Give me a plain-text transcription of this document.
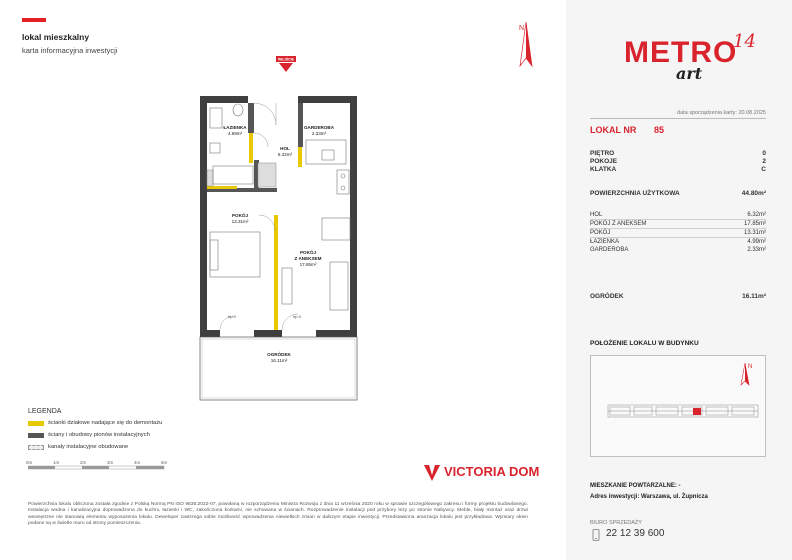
lokal mieszkalny
karta informacyjna inwestycji	METRO
14
art
data sporządzenia karty: 20.08.2025
LOKAL NR 85
PIĘTRO	0
POKOJE	2
KLATKA	C
POWIERZCHNIA UŻYTKOWA	44.80m²
HOL	6.32m²
POKÓJ Z ANEKSEM	17.85m²
POKÓJ	13.31m²
ŁAZIENKA	4.99m²
GARDEROBA	2.33m²
OGRÓDEK	16.11m²
POŁOŻENIE LOKALU W BUDYNKU
N
MIESZKANIE POWTARZALNE: -
Adres inwestycji: Warszawa, ul. Żupnicza
BIURO SPRZEDAŻY
22 12 39 600
N
WEJŚCIE
ŁAZIENKA
4.99m²
GARDEROBA
2.33m²
HOL
6.32m²
POKÓJ
13.31m²
POKÓJ
Z ANEKSEM
17.85m²
OGRÓDEK
16.11m²
hp 0	hp 0
LEGENDA
ścianki działowe nadające się do demontażu
ściany i obudowy pionów instalacyjnych
kanały instalacyjne obudowane
0m	1m	2m	3m	4m	5m
VICTORIA DOM
Powierzchnia lokalu obliczona została zgodnie z Polską Normą PN ISO 9836:2022-07, powołaną w rozporządzeniu Ministra Rozwoju z dnia 11 września 2020 roku w sprawie szczegółowego zakresu i formy projektu budowlanego. Instalacja wodna i kanalizacyjna doprowadzona do kuchni, łazienki i WC, zakończona korkami, nie schowana w ścianach. Rozprowadzenie instalacji pod przybory leży po stronie Nabywcy. Meble, biały montaż oraz drzwi wewnętrzne nie stanowią elementu wyposażenia lokalu. Deweloper zastrzega sobie możliwość wprowadzenia niewielkich zmian w dalszym etapie inwestycji. Przedstawiona aranżacja lokalu jest przykładowa. Wymiary okien podane są w świetle muru od strony pomieszczenia.
